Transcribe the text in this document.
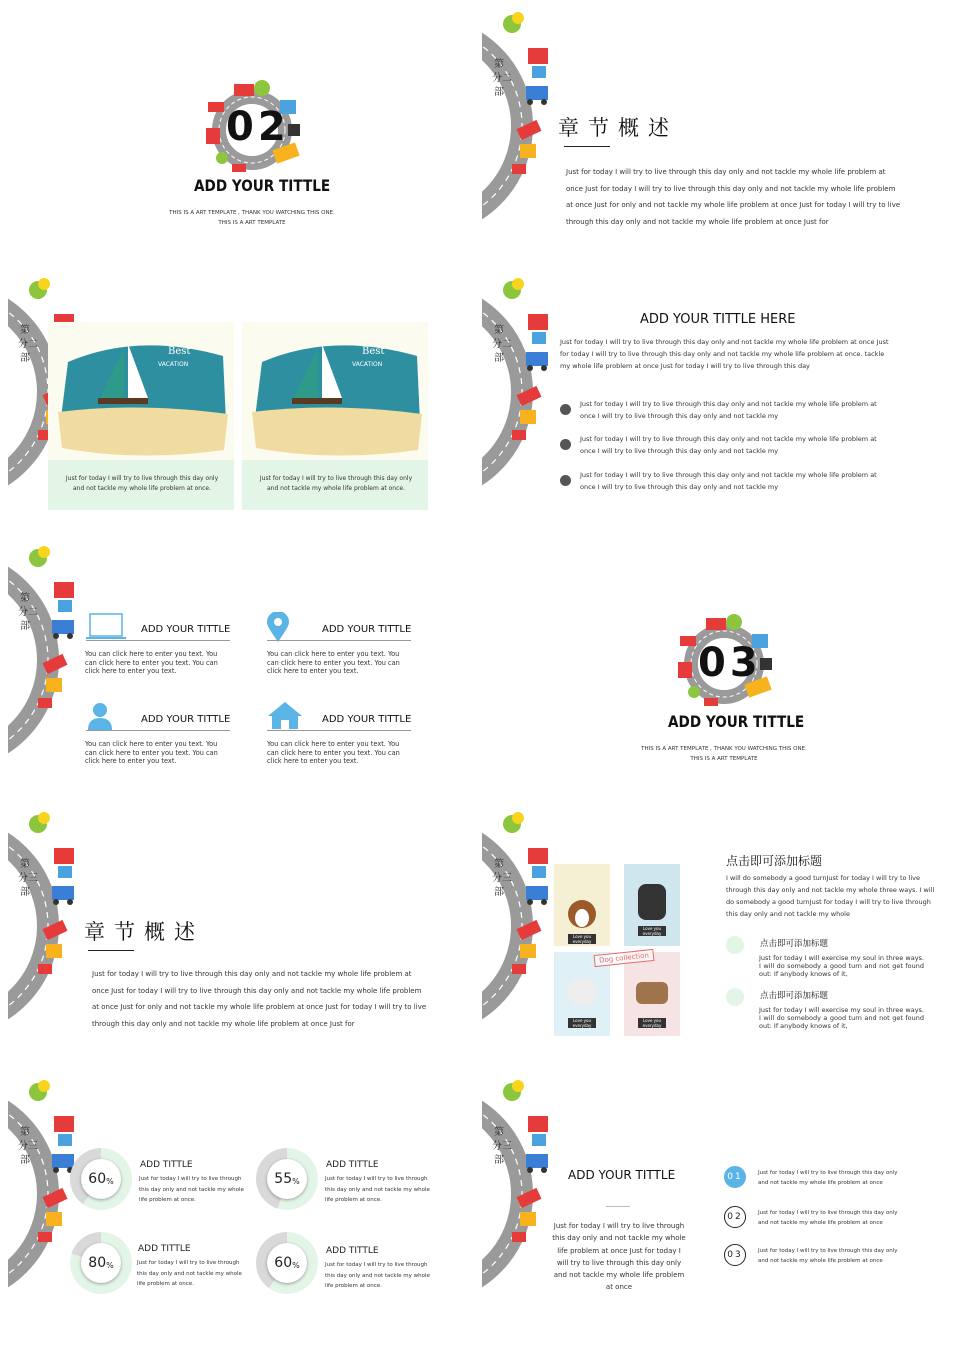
02
ADD YOUR TITTLE
THIS IS A ART TEMPLATE , THANK YOU WATCHING THIS ONE. THIS IS A ART TEMPLATE
第
分二
部
章节概述
Just for today I will try to live through this day only and not tackle my whole life problem at once Just for today I will try to live through this day only and not tackle my whole life problem at once Just for only and not tackle my whole life problem at once Just for today I will try to live through this day only and not tackle my whole life problem at once Just for
第
分二
部
Best
VACATION
Just for today I will try to live through this day only and not tackle my whole life problem at once.
Best
VACATION
Just for today I will try to live through this day only and not tackle my whole life problem at once.
第
分二
部
ADD YOUR TITTLE HERE
Just for today I will try to live through this day only and not tackle my whole life problem at once Just for today I will try to live through this day only and not tackle my whole life problem at once. tackle my whole life problem at once Just for today I will try to live through this day
Just for today I will try to live through this day only and not tackle my whole life problem at once I will try to live through this day only and not tackle my
Just for today I will try to live through this day only and not tackle my whole life problem at once I will try to live through this day only and not tackle my
Just for today I will try to live through this day only and not tackle my whole life problem at once I will try to live through this day only and not tackle my
第
分二
部	ADD YOUR TITTLE
You can click here to enter you text. You can click here to enter you text. You can click here to enter you text.
ADD YOUR TITTLE
You can click here to enter you text. You can click here to enter you text. You can click here to enter you text.
ADD YOUR TITTLE
You can click here to enter you text. You can click here to enter you text. You can click here to enter you text.
ADD YOUR TITTLE
You can click here to enter you text. You can click here to enter you text. You can click here to enter you text.
03
ADD YOUR TITTLE
THIS IS A ART TEMPLATE , THANK YOU WATCHING THIS ONE. THIS IS A ART TEMPLATE
第
分三
部
章节概述
Just for today I will try to live through this day only and not tackle my whole life problem at once Just for today I will try to live through this day only and not tackle my whole life problem at once Just for only and not tackle my whole life problem at once Just for today I will try to live through this day only and not tackle my whole life problem at once Just for
第
分三
部
Love you everyday
Love you everyday
Love you everyday
Love you everyday
Dog collection
点击即可添加标题
I will do somebody a good turnJust for today I will try to live through this day only and not tackle my whole three ways. I will do somebody a good turnJust for today I will try to live through this day only and not tackle my whole
点击即可添加标题
Just for today I will exercise my soul in three ways. I will do somebody a good turn and not get found out: If anybody knows of it,
点击即可添加标题
Just for today I will exercise my soul in three ways. I will do somebody a good turn and not get found out: If anybody knows of it,
第
分三
部
60 %
ADD TITTLE
Just for today I will try to live through this day only and not tackle my whole life problem at once.
55 %
ADD TITTLE
Just for today I will try to live through this day only and not tackle my whole life problem at once.
80 %
ADD TITTLE
Just for today I will try to live through this day only and not tackle my whole life problem at once.
60 %
ADD TITTLE
Just for today I will try to live through this day only and not tackle my whole life problem at once.
第
分三
部
ADD YOUR TITTLE
Just for today I will try to live through this day only and not tackle my whole life problem at once Just for today I will try to live through this day only and not tackle my whole life problem at once
01	Just for today I will try to live through this day only and not tackle my whole life problem at once
02	Just for today I will try to live through this day only and not tackle my whole life problem at once
03	Just for today I will try to live through this day only and not tackle my whole life problem at once
